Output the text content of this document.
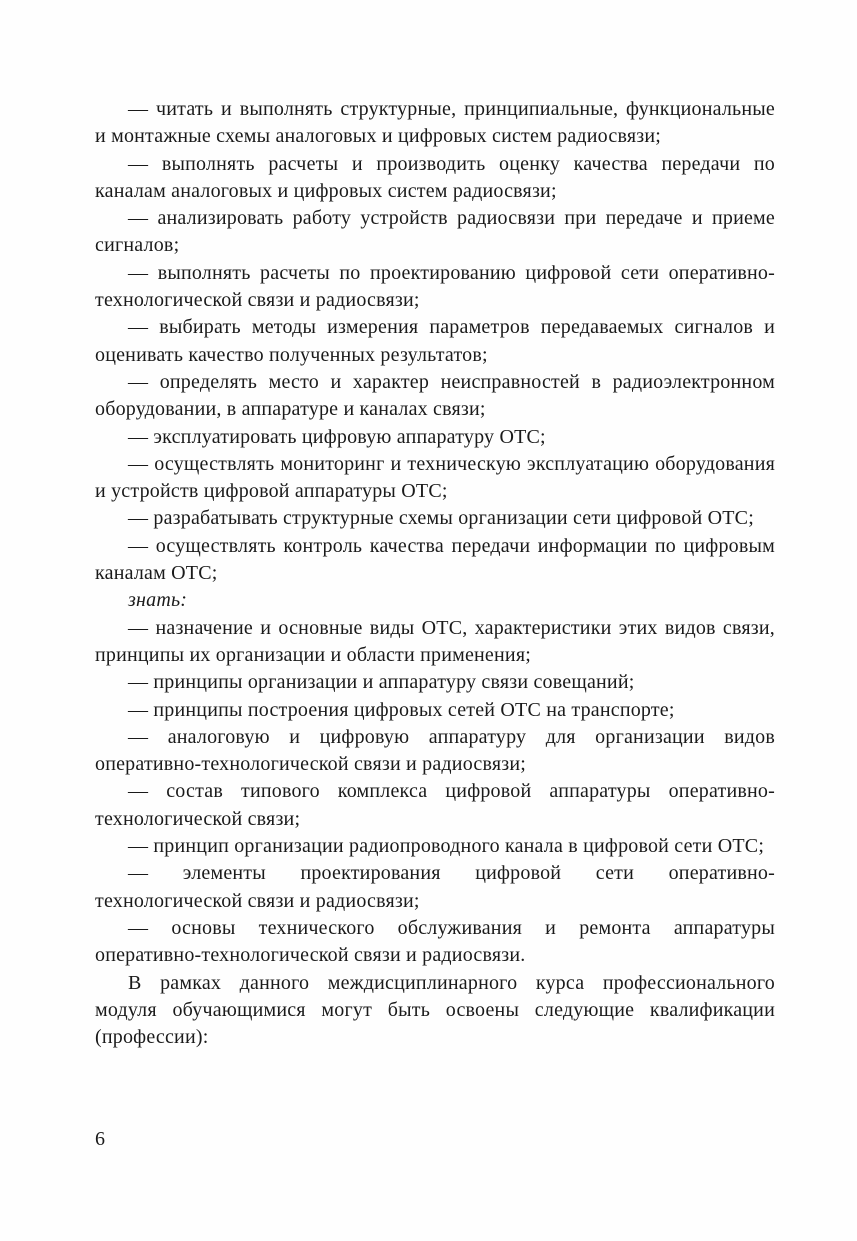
— читать и выполнять структурные, принципиальные, функциональные и монтажные схемы аналоговых и цифровых систем радиосвязи;

— выполнять расчеты и производить оценку качества передачи по каналам аналоговых и цифровых систем радиосвязи;

— анализировать работу устройств радиосвязи при передаче и приеме сигналов;

— выполнять расчеты по проектированию цифровой сети оперативно-технологической связи и радиосвязи;

— выбирать методы измерения параметров передаваемых сигналов и оценивать качество полученных результатов;

— определять место и характер неисправностей в радиоэлектронном оборудовании, в аппаратуре и каналах связи;

— эксплуатировать цифровую аппаратуру ОТС;

— осуществлять мониторинг и техническую эксплуатацию оборудования и устройств цифровой аппаратуры ОТС;

— разрабатывать структурные схемы организации сети цифровой ОТС;

— осуществлять контроль качества передачи информации по цифровым каналам ОТС;

знать:

— назначение и основные виды ОТС, характеристики этих видов связи, принципы их организации и области применения;

— принципы организации и аппаратуру связи совещаний;

— принципы построения цифровых сетей ОТС на транспорте;

— аналоговую и цифровую аппаратуру для организации видов оперативно-технологической связи и радиосвязи;

— состав типового комплекса цифровой аппаратуры оперативно-технологической связи;

— принцип организации радиопроводного канала в цифровой сети ОТС;

— элементы проектирования цифровой сети оперативно-технологической связи и радиосвязи;

— основы технического обслуживания и ремонта аппаратуры оперативно-технологической связи и радиосвязи.

В рамках данного междисциплинарного курса профессионального модуля обучающимися могут быть освоены следующие квалификации (профессии):

6
